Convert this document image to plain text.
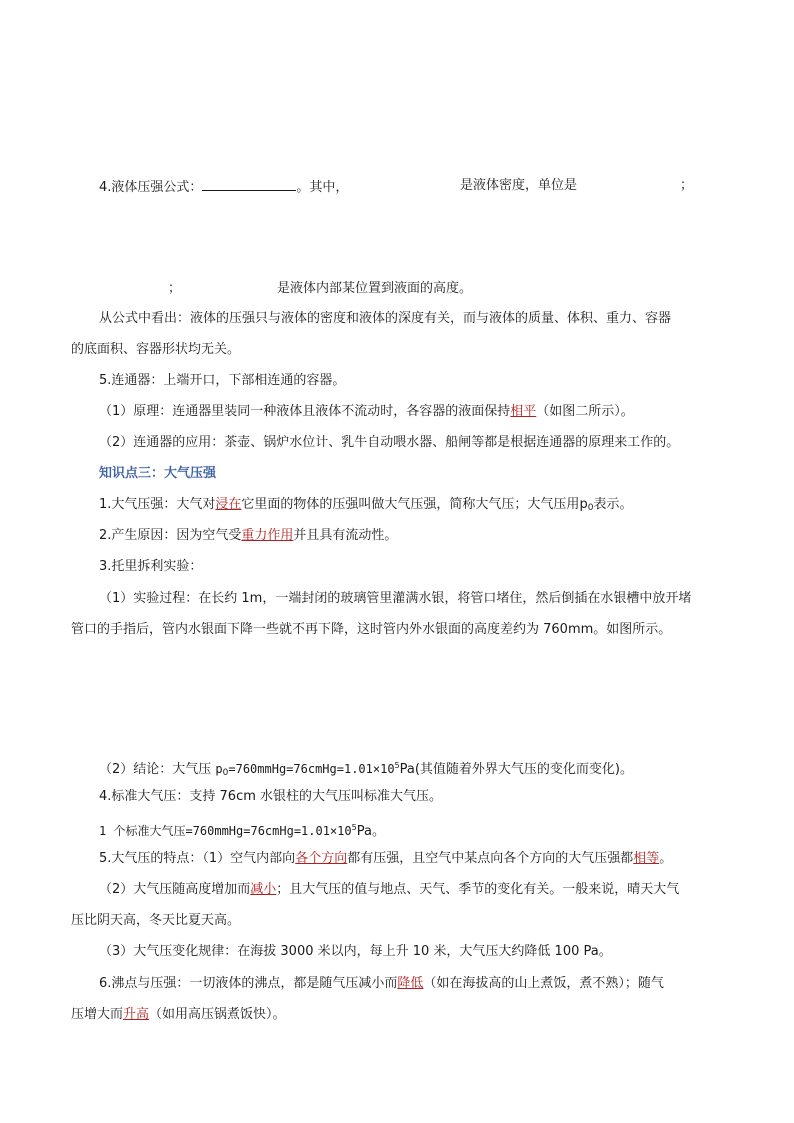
4.液体压强公式：	。其中，	是液体密度，单位是	；
；	是液体内部某位置到液面的高度。
从公式中看出：液体的压强只与液体的密度和液体的深度有关，而与液体的质量、体积、重力、容器
的底面积、容器形状均无关。
5.连通器：上端开口，下部相连通的容器。
（1）原理：连通器里装同一种液体且液体不流动时，各容器的液面保持相平（如图二所示）。
（2）连通器的应用：茶壶、锅炉水位计、乳牛自动喂水器、船闸等都是根据连通器的原理来工作的。
知识点三：大气压强
1.大气压强：大气对浸在它里面的物体的压强叫做大气压强，简称大气压；大气压用$p_0$表示。
2.产生原因：因为空气受重力作用并且具有流动性。
3.托里拆利实验：
（1）实验过程：在长约 1m，一端封闭的玻璃管里灌满水银，将管口堵住，然后倒插在水银槽中放开堵
管口的手指后，管内水银面下降一些就不再下降，这时管内外水银面的高度差约为 760mm。如图所示。
（2）结论：大气压 $p_0=760mmHg=76cmHg=1.01\times 10^5Pa$(其值随着外界大气压的变化而变化)。
4.标准大气压：支持 76cm 水银柱的大气压叫标准大气压。
1 个标准大气压$=760mmHg=76cmHg=1.01\times 10^5Pa$。
5.大气压的特点：（1）空气内部向各个方向都有压强，且空气中某点向各个方向的大气压强都相等。
（2）大气压随高度增加而减小；且大气压的值与地点、天气、季节的变化有关。一般来说，晴天大气
压比阴天高，冬天比夏天高。
（3）大气压变化规律：在海拔 3000 米以内，每上升 10 米，大气压大约降低 100 Pa。
6.沸点与压强：一切液体的沸点，都是随气压减小而降低（如在海拔高的山上煮饭，煮不熟）；随气
压增大而升高（如用高压锅煮饭快）。
